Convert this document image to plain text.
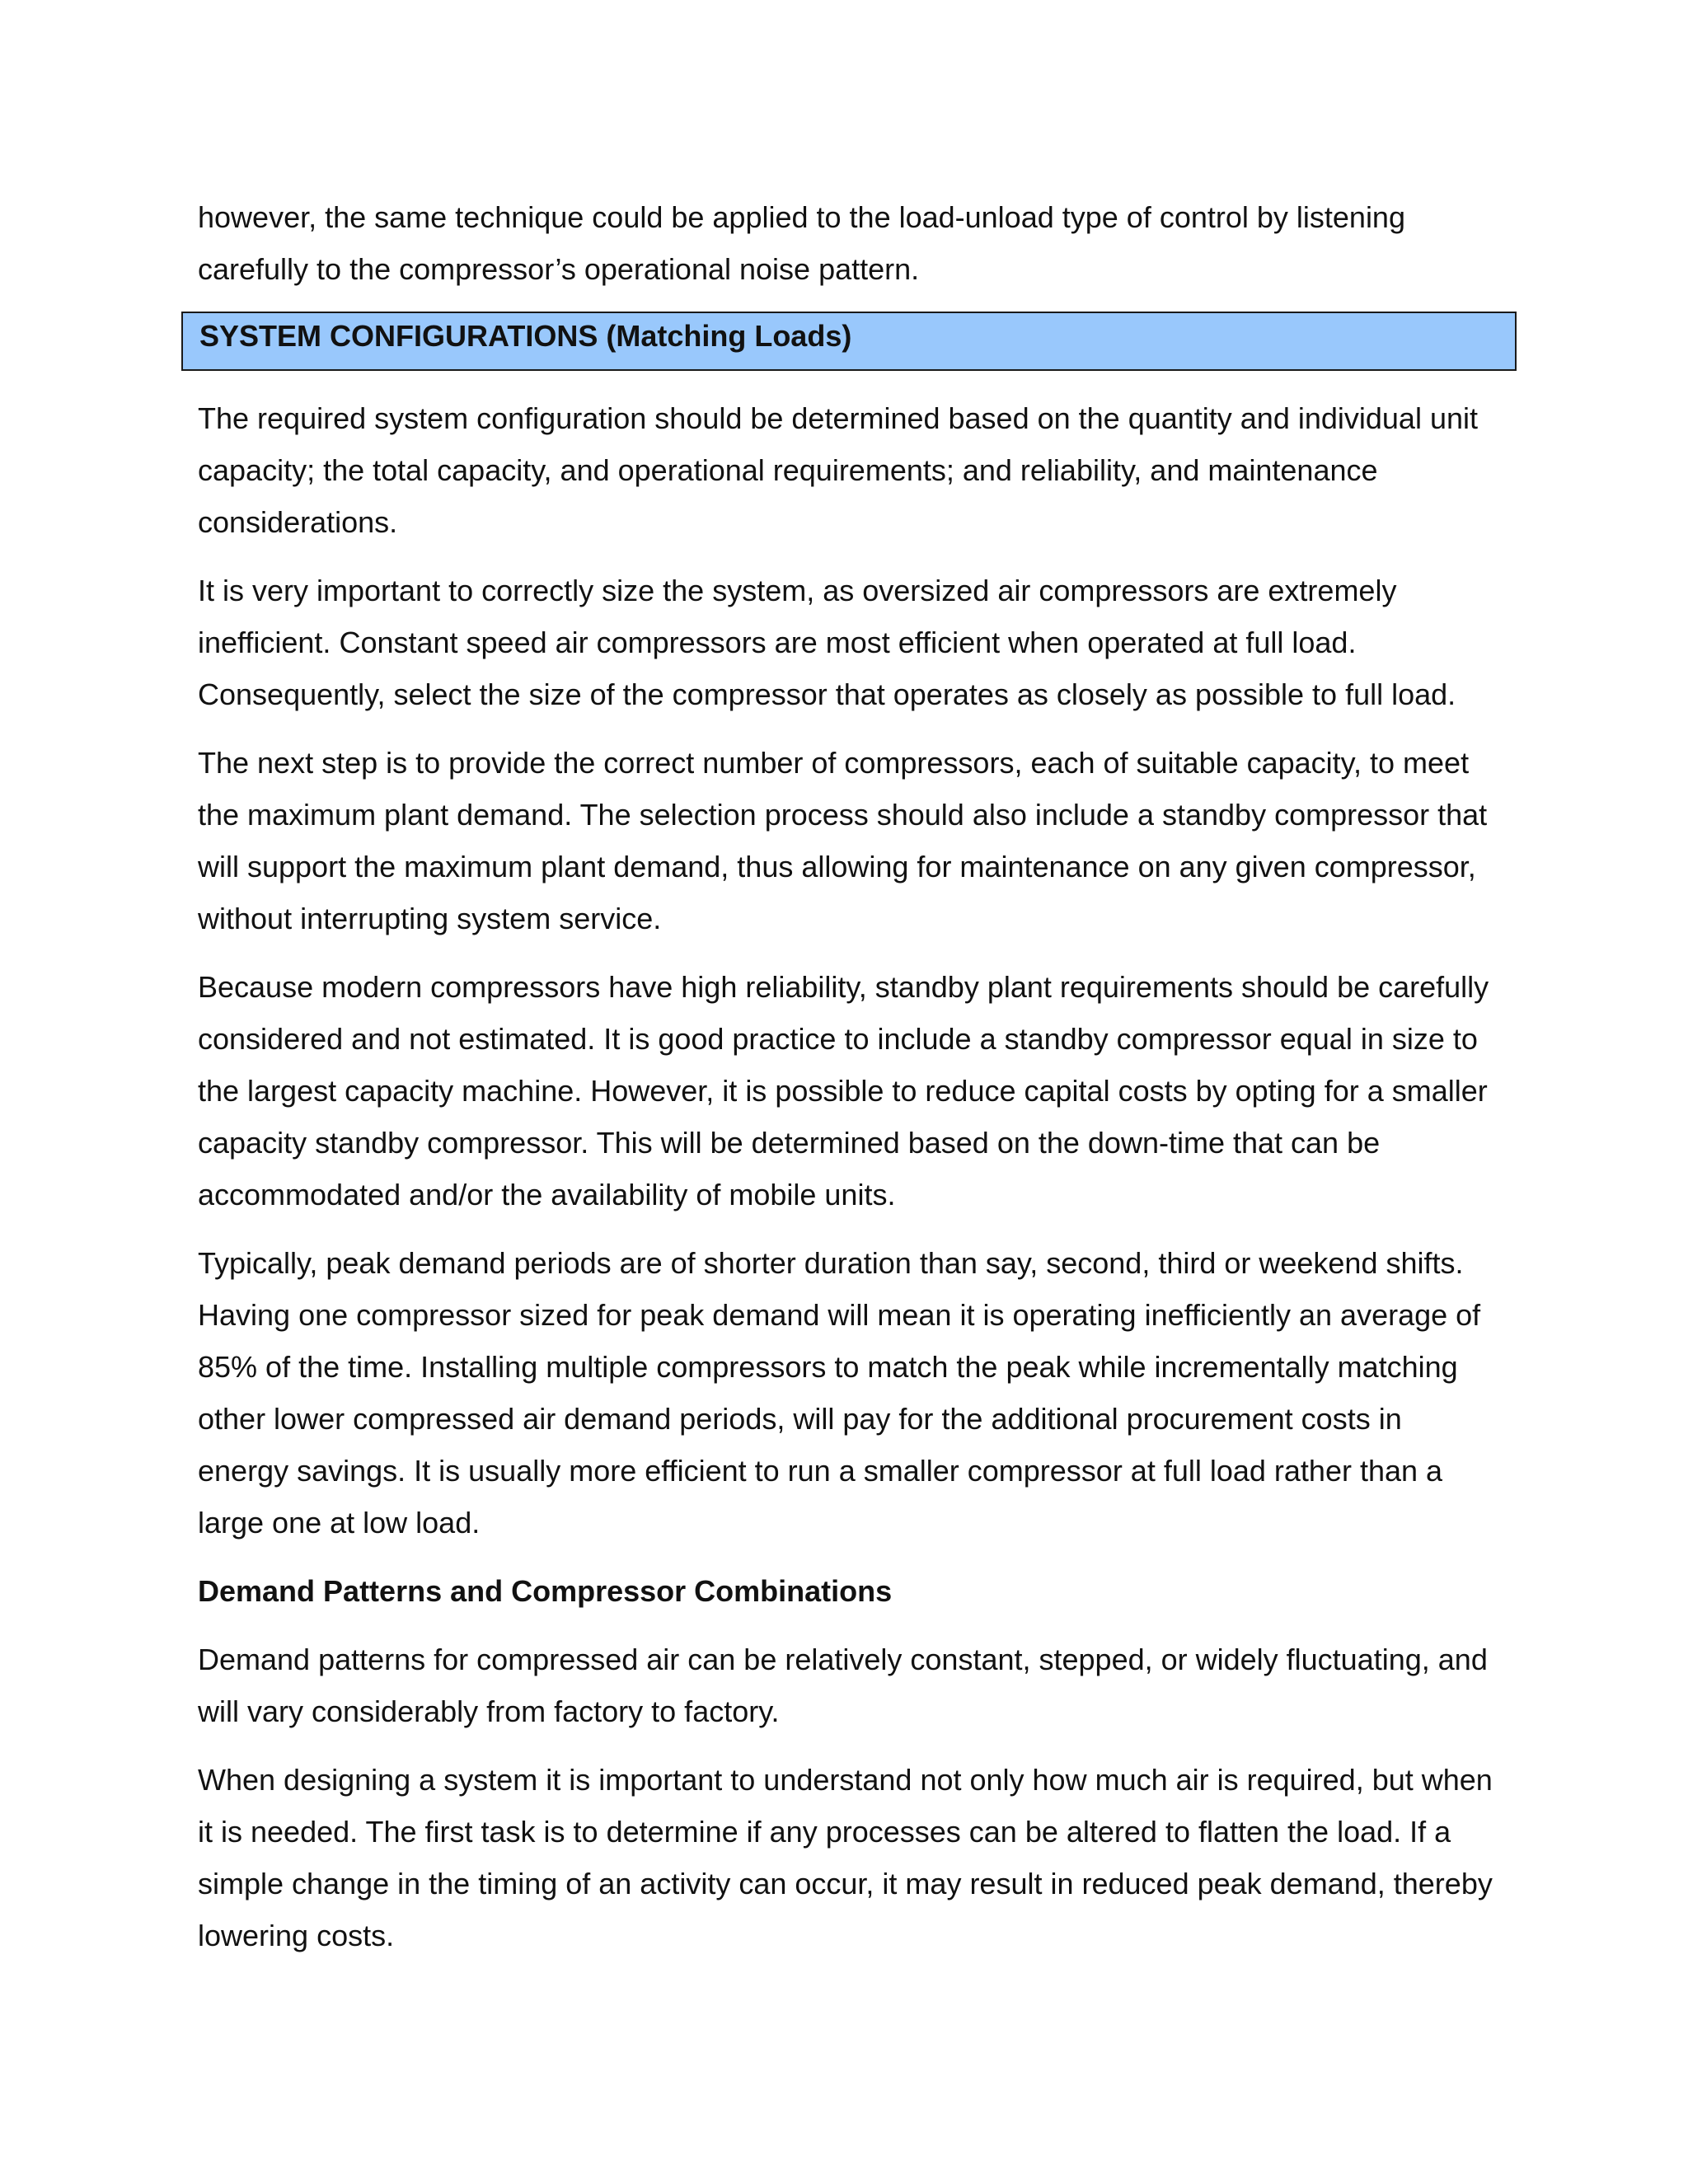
however, the same technique could be applied to the load-unload type of control by listening carefully to the compressor’s operational noise pattern.

SYSTEM CONFIGURATIONS (Matching Loads)

The required system configuration should be determined based on the quantity and individual unit capacity; the total capacity, and operational requirements; and reliability, and maintenance considerations.

It is very important to correctly size the system, as oversized air compressors are extremely inefficient. Constant speed air compressors are most efficient when operated at full load. Consequently, select the size of the compressor that operates as closely as possible to full load.

The next step is to provide the correct number of compressors, each of suitable capacity, to meet the maximum plant demand. The selection process should also include a standby compressor that will support the maximum plant demand, thus allowing for maintenance on any given compressor, without interrupting system service.

Because modern compressors have high reliability, standby plant requirements should be carefully considered and not estimated. It is good practice to include a standby compressor equal in size to the largest capacity machine. However, it is possible to reduce capital costs by opting for a smaller capacity standby compressor. This will be determined based on the down-time that can be accommodated and/or the availability of mobile units.

Typically, peak demand periods are of shorter duration than say, second, third or weekend shifts. Having one compressor sized for peak demand will mean it is operating inefficiently an average of 85% of the time. Installing multiple compressors to match the peak while incrementally matching other lower compressed air demand periods, will pay for the additional procurement costs in energy savings. It is usually more efficient to run a smaller compressor at full load rather than a large one at low load.

Demand Patterns and Compressor Combinations

Demand patterns for compressed air can be relatively constant, stepped, or widely fluctuating, and will vary considerably from factory to factory.

When designing a system it is important to understand not only how much air is required, but when it is needed. The first task is to determine if any processes can be altered to flatten the load. If a simple change in the timing of an activity can occur, it may result in reduced peak demand, thereby lowering costs.
